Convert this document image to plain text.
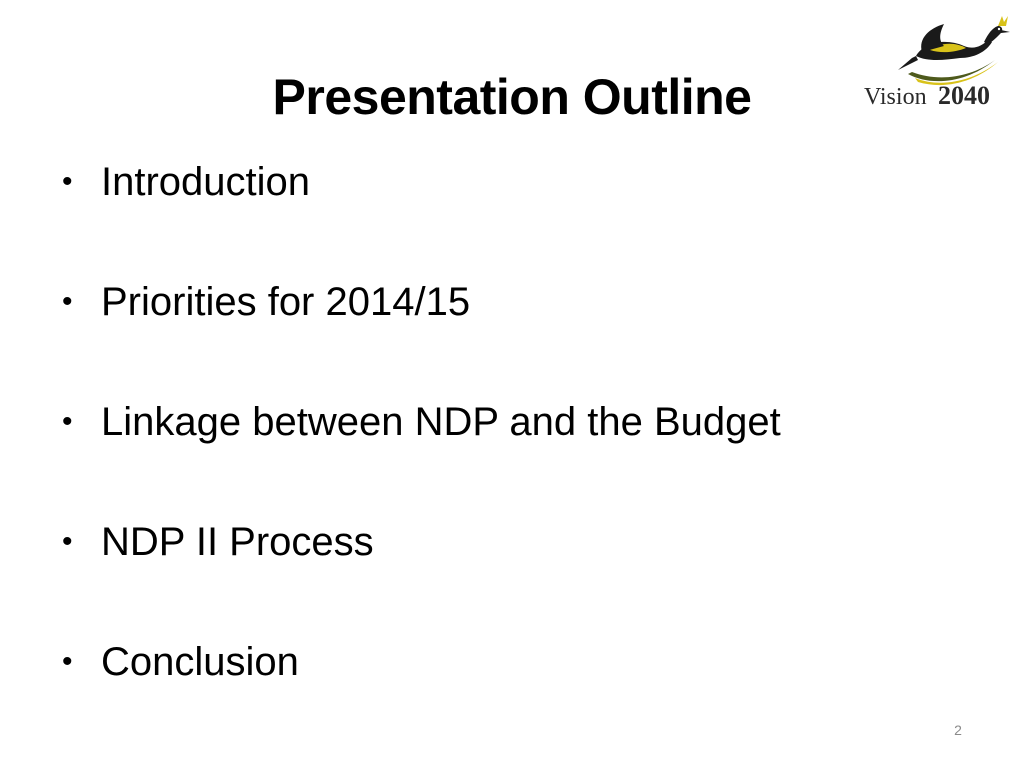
Presentation Outline	Vision 2040
• Introduction
• Priorities for 2014/15
• Linkage between NDP and the Budget
• NDP II Process
• Conclusion
2
